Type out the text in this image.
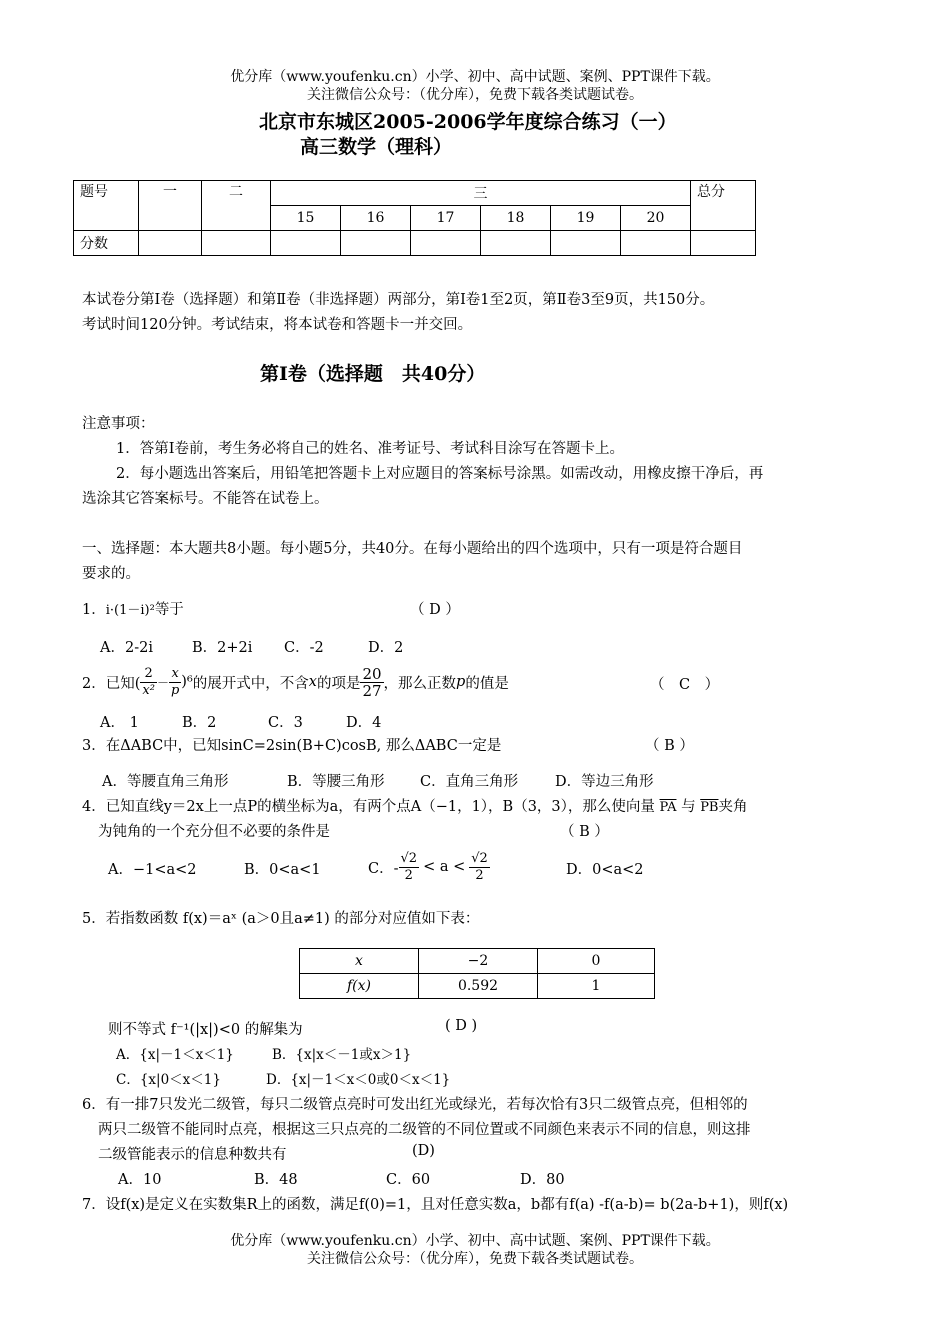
优分库（www.youfenku.cn）小学、初中、高中试题、案例、PPT课件下载。
关注微信公众号：（优分库），免费下载各类试题试卷。
北京市东城区2005-2006学年度综合练习（一）
高三数学（理科）
题号	一	二	三						总分
			15	16	17	18	19	20	
分数									
本试卷分第Ⅰ卷（选择题）和第Ⅱ卷（非选择题）两部分，第Ⅰ卷1至2页，第Ⅱ卷3至9页，共150分。
考试时间120分钟。考试结束，将本试卷和答题卡一并交回。
第Ⅰ卷（选择题　共40分）
注意事项：
1．答第Ⅰ卷前，考生务必将自己的姓名、准考证号、考试科目涂写在答题卡上。
2．每小题选出答案后，用铅笔把答题卡上对应题目的答案标号涂黑。如需改动，用橡皮擦干净后，再
选涂其它答案标号。不能答在试卷上。
一、选择题：本大题共8小题。每小题5分，共40分。在每小题给出的四个选项中，只有一项是符合题目
要求的。
1．i·(1－i)²等于	（ D ）
A．2-2i	B．2+2i C．-2	D．2
2．已知( $\frac{2}{\text{x²}} - \frac{x}{p} )^6$ 的展开式中，不含 x 的项是 $\frac{20}{27}$ ，那么正数 p 的值是	（　C　）
A． 1	B．2	C．3	D．4
3．在ΔABC中，已知sinC=2sin(B+C)cosB, 那么ΔABC一定是	（ B ）
A．等腰直角三角形	B．等腰三角形 C．直角三角形	D．等边三角形
4．已知直线y＝2x上一点P的横坐标为a，有两个点A（−1，1），B（3，3），那么使向量 $\overline{PA}$ 与 $\overline{PB}$夹角
为钝角的一个充分但不必要的条件是	（ B ）
A．−1<a<2	B．0<a<1	C．- $\frac{√2}{2} < a < \frac{√2}{2}$	D．0<a<2
5．若指数函数 f(x)＝aˣ (a＞0且a≠1) 的部分对应值如下表：
x	−2	0
f(x)	0.592	1
则不等式 f⁻¹(|x|)<0 的解集为	( D )
A．{x|－1＜x＜1}	B．{x|x＜－1或x＞1}
C．{x|0＜x＜1}	D．{x|－1＜x＜0或0＜x＜1}
6．有一排7只发光二级管，每只二级管点亮时可发出红光或绿光，若每次恰有3只二级管点亮，但相邻的
两只二级管不能同时点亮，根据这三只点亮的二级管的不同位置或不同颜色来表示不同的信息，则这排
二级管能表示的信息种数共有	(D)
A．10	B．48	C．60	D．80
7．设f(x)是定义在实数集R上的函数，满足f(0)=1，且对任意实数a，b都有f(a) -f(a-b)= b(2a-b+1)，则f(x)
优分库（www.youfenku.cn）小学、初中、高中试题、案例、PPT课件下载。
关注微信公众号：（优分库），免费下载各类试题试卷。
